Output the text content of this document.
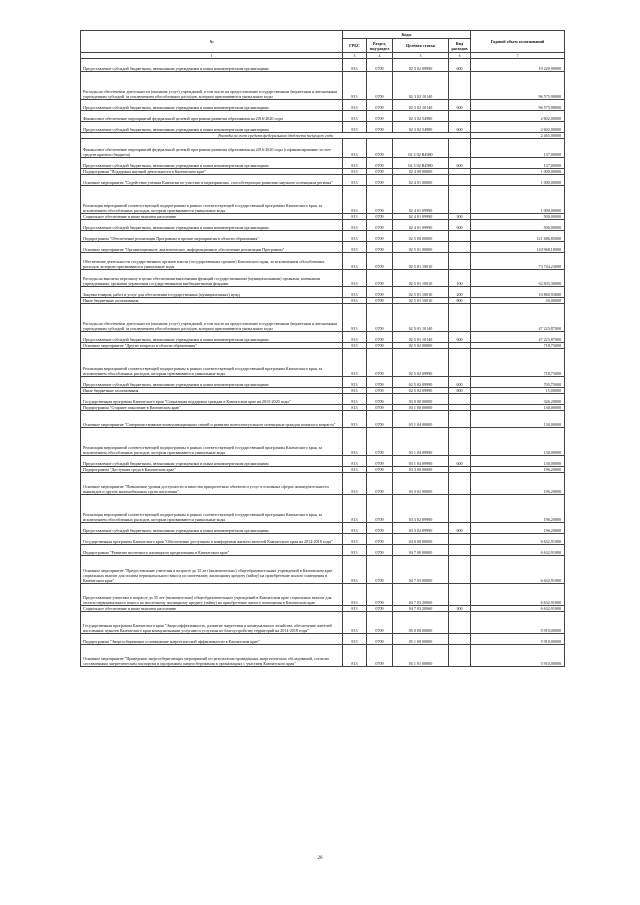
№	Коды				Годовой объем ассигнований
	ГРБС	Раздел, под-раздел	Целевая статья	Вид расходов	
1	3	4	5	6	7
Предоставление субсидий бюджетным, автономным учреждениям и иным некоммерческим организациям	813	0709	02 3 02 09990	600	19 220,90000
Расходы на обеспечение деятельности (оказание услуг) учреждений, в том числе на предоставление государственным бюджетным и автономным учреждениям субсидий, за исключением обособленных расходов, которым присваиваются уникальные коды	813	0709	02 3 02 10140		96 575,98000
Предоставление субсидий бюджетным, автономным учреждениям и иным некоммерческим организациям	813	0709	02 3 02 10140	600	96 575,98000
Финансовое обеспечение мероприятий федеральной целевой программы развития образования на 2016-2020 годы	813	0709	02 3 02 54980		2 602,00000
Предоставление субсидий бюджетным, автономным учреждениям и иным некоммерческим организациям	813	0709	02 3 02 54980	600	2 602,00000
Расходы за счет средств федерального бюджета текущего года					2 465,00000
Финансовое обеспечение мероприятий федеральной целевой программы развития образования на 2016-2020 годы (софинансирование за счет средств краевого бюджета)	813	0709	02 3 02 R4980		137,00000
Предоставление субсидий бюджетным, автономным учреждениям и иным некоммерческим организациям	813	0709	02 3 02 R4980	600	137,00000
Подпрограмма "Поддержка научной деятельности в Камчатском крае"	813	0709	02 4 00 00000		1 000,00000
Основное мероприятие "Содействие ученым Камчатки по участию в мероприятиях, способствующих развитию научного потенциала региона"	813	0709	02 4 01 00000		1 000,00000
Реализация мероприятий соответствующей подпрограммы в рамках соответствующей государственной программы Камчатского края, за исключением обособленных расходов, которым присваиваются уникальные коды	813	0709	02 4 01 09990		1 000,00000
Социальное обеспечение и иные выплаты населению	813	0709	02 4 01 09990	300	500,00000
Предоставление субсидий бюджетным, автономным учреждениям и иным некоммерческим организациям	813	0709	02 4 01 09990	600	500,00000
Подпрограмма "Обеспечение реализации Программы и прочие мероприятия в области образования"	813	0709	02 5 00 00000		121 686,85000
Основное мероприятие "Организационное, аналитическое, информационное обеспечение реализации Программы"	813	0709	02 5 01 00000		120 968,10000
Обеспечение деятельности государственных органов власти (государственных органов) Камчатского края, за исключением обособленных расходов, которым присваиваются уникальные коды	813	0709	02 5 01 10010		73 744,23000
Расходы на выплаты персоналу в целях обеспечения выполнения функций государственными (муниципальными) органами, казенными учреждениями, органами управления государственными внебюджетными фондами	813	0709	02 5 01 10010	100	62 833,30000
Закупка товаров, работ и услуг для обеспечения государственных (муниципальных) нужд	813	0709	02 5 01 10010	200	10 860,93000
Иные бюджетные ассигнования	813	0709	02 5 01 10010	800	50,00000
Расходы на обеспечение деятельности (оказание услуг) учреждений, в том числе на предоставление государственным бюджетным и автономным учреждениям субсидий, за исключением обособленных расходов, которым присваиваются уникальные коды	813	0709	02 5 01 10140		47 223,87000
Предоставление субсидий бюджетным, автономным учреждениям и иным некоммерческим организациям	813	0709	02 5 01 10140	600	47 223,87000
Основное мероприятие "Другие вопросы в области образования"	813	0709	02 5 02 00000		718,75000
Реализация мероприятий соответствующей подпрограммы в рамках соответствующей государственной программы Камчатского края, за исключением обособленных расходов, которым присваиваются уникальные коды	813	0709	02 5 02 09990		718,75000
Предоставление субсидий бюджетным, автономным учреждениям и иным некоммерческим организациям	813	0709	02 5 02 09990	600	703,75000
Иные бюджетные ассигнования	813	0709	02 5 02 09990	800	15,00000
Государственная программа Камчатского края "Социальная поддержка граждан в Камчатском крае на 2015-2020 годы"	813	0709	03 0 00 00000		326,20000
Подпрограмма "Старшее поколение в Камчатском крае"	813	0709	03 1 00 00000		130,00000
Основное мероприятие "Совершенствование коммуникационных связей и развитие интеллектуального потенциала граждан пожилого возраста"	813	0709	03 1 04 00000		130,00000
Реализация мероприятий соответствующей подпрограммы в рамках соответствующей государственной программы Камчатского края, за исключением обособленных расходов, которым присваиваются уникальные коды	813	0709	03 1 04 09990		130,00000
Предоставление субсидий бюджетным, автономным учреждениям и иным некоммерческим организациям	813	0709	03 1 04 09990	600	130,00000
Подпрограмма "Доступная среда в Камчатском крае"	813	0709	03 3 00 00000		196,20000
Основное мероприятие "Повышение уровня доступности и качества приоритетных объектов и услуг в основных сферах жизнедеятельности инвалидов и других маломобильных групп населения"	813	0709	03 3 02 00000		196,20000
Реализация мероприятий соответствующей подпрограммы в рамках соответствующей государственной программы Камчатского края, за исключением обособленных расходов, которым присваиваются уникальные коды	813	0709	03 3 02 09990		196,20000
Предоставление субсидий бюджетным, автономным учреждениям и иным некоммерческим организациям	813	0709	03 3 02 09990	600	196,20000
Государственная программа Камчатского края "Обеспечение доступным и комфортным жильем жителей Камчатского края на 2014-2018 годы"	813	0709	04 0 00 00000		6 632,91000
Подпрограмма "Развитие ипотечного жилищного кредитования в Камчатском крае"	813	0709	04 7 00 00000		6 632,91000
Основное мероприятие "Предоставление учителям в возрасте до 35 лет (включительно) общеобразовательных учреждений в Камчатском крае социальных выплат для оплаты первоначального взноса по ипотечному жилищному кредиту (займу) на приобретение жилого помещения в Камчатском крае"	813	0709	04 7 03 00000		6 632,91000
Предоставление учителям в возрасте до 35 лет (включительно) общеобразовательных учреждений в Камчатском крае социальных выплат для оплаты первоначального взноса по ипотечному жилищному кредиту (займу) на приобретение жилого помещения в Камчатском крае	813	0709	04 7 03 20060		6 632,91000
Социальное обеспечение и иные выплаты населению	813	0709	04 7 03 20060	300	6 632,91000
Государственная программа Камчатского края "Энергоэффективность, развитие энергетики и коммунального хозяйства, обеспечение жителей населенных пунктов Камчатского края коммунальными услугами и услугами по благоустройству территорий на 2014-2018 годы"	813	0709	05 0 00 00000		5 910,00000
Подпрограмма "Энергосбережение и повышение энергетической эффективности в Камчатском крае"	813	0709	05 1 00 00000		5 910,00000
Основное мероприятие "Проведение энергосберегающих мероприятий по результатам проведенных энергетических обследований, согласно составленным энергетическим паспортам и программам энергосбережения в организациях с участием Камчатского края"	813	0709	05 1 01 00000		5 910,00000
26
